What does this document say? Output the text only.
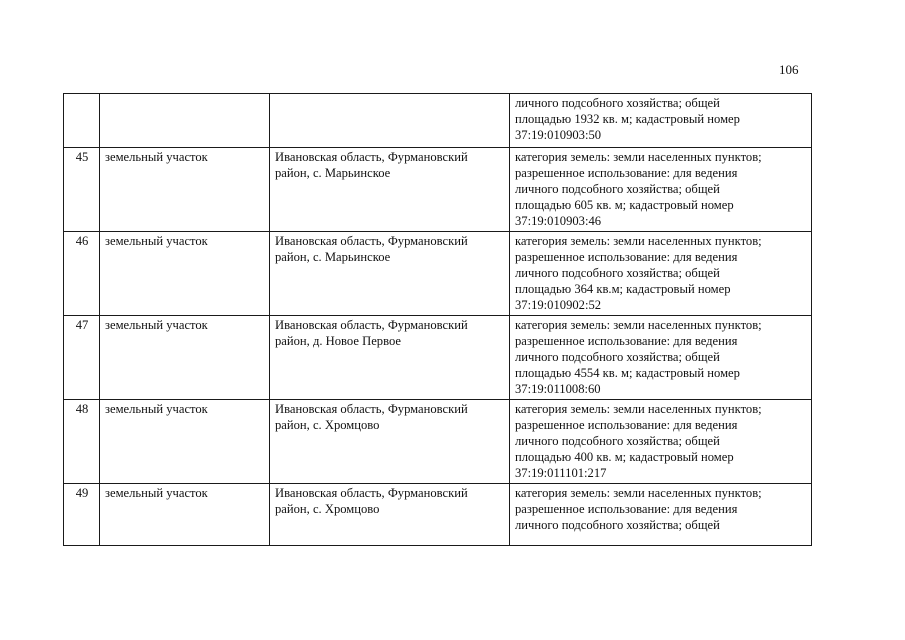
106
			личного подсобного хозяйства; общей
площадью 1932 кв. м; кадастровый номер
37:19:010903:50
45	земельный участок	Ивановская область, Фурмановский район, с. Марьинское	категория земель: земли населенных пунктов;
разрешенное использование: для ведения
личного подсобного хозяйства; общей
площадью 605 кв. м; кадастровый номер
37:19:010903:46
46	земельный участок	Ивановская область, Фурмановский район, с. Марьинское	категория земель: земли населенных пунктов;
разрешенное использование: для ведения
личного подсобного хозяйства; общей
площадью 364 кв.м; кадастровый номер
37:19:010902:52
47	земельный участок	Ивановская область, Фурмановский район, д. Новое Первое	категория земель: земли населенных пунктов;
разрешенное использование: для ведения
личного подсобного хозяйства; общей
площадью 4554 кв. м; кадастровый номер
37:19:011008:60
48	земельный участок	Ивановская область, Фурмановский район, с. Хромцово	категория земель: земли населенных пунктов;
разрешенное использование: для ведения
личного подсобного хозяйства; общей
площадью 400 кв. м; кадастровый номер
37:19:011101:217
49	земельный участок	Ивановская область, Фурмановский район, с. Хромцово	категория земель: земли населенных пунктов;
разрешенное использование: для ведения
личного подсобного хозяйства; общей
